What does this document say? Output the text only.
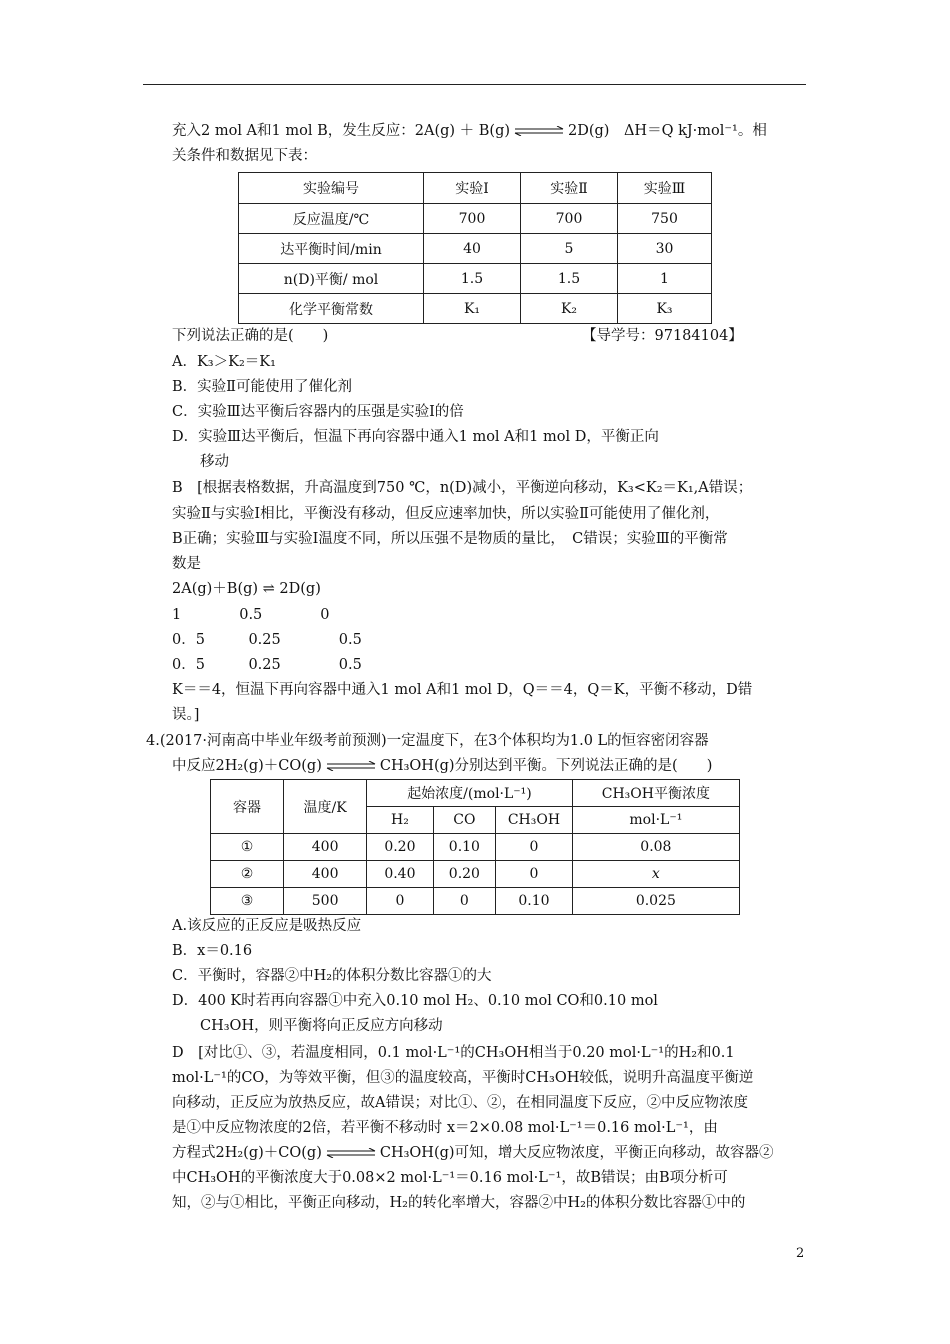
充入2 mol A和1 mol B，发生反应：2A(g) ＋ B(g) ⇌ 2D(g)　ΔH＝Q kJ·mol⁻¹。相
关条件和数据见下表：
实验编号	实验Ⅰ	实验Ⅱ	实验Ⅲ
反应温度/℃	700	700	750
达平衡时间/min	40	5	30
n(D)平衡/ mol	1.5	1.5	1
化学平衡常数	K₁	K₂	K₃
下列说法正确的是(　　)	【导学号：97184104】
A．K₃＞K₂＝K₁
B．实验Ⅱ可能使用了催化剂
C．实验Ⅲ达平衡后容器内的压强是实验Ⅰ的倍
D．实验Ⅲ达平衡后，恒温下再向容器中通入1 mol A和1 mol D，平衡正向
移动
B　[根据表格数据，升高温度到750 ℃，n(D)减小，平衡逆向移动，K₃<K₂＝K₁,A错误；
实验Ⅱ与实验Ⅰ相比，平衡没有移动，但反应速率加快，所以实验Ⅱ可能使用了催化剂，
B正确；实验Ⅲ与实验Ⅰ温度不同，所以压强不是物质的量比，　C错误；实验Ⅲ的平衡常
数是
2A(g)＋B(g) ⇌ 2D(g)
1　　　　0.5　　　　0
0．5　　　0.25　　　　0.5
0．5　　　0.25　　　　0.5
K＝＝4，恒温下再向容器中通入1 mol A和1 mol D，Q＝＝4，Q＝K，平衡不移动，D错
误。]
4.(2017·河南高中毕业年级考前预测)一定温度下，在3个体积均为1.0 L的恒容密闭容器
中反应2H₂(g)＋CO(g) ⇌ CH₃OH(g)分别达到平衡。下列说法正确的是(　　)
容器	温度/K	起始浓度/(mol·L⁻¹)			CH₃OH平衡浓度
		H₂	CO	CH₃OH	mol·L⁻¹
①	400	0.20	0.10	0	0.08
②	400	0.40	0.20	0	x
③	500	0	0	0.10	0.025
A.该反应的正反应是吸热反应
B．x＝0.16
C．平衡时，容器②中H₂的体积分数比容器①的大
D．400 K时若再向容器①中充入0.10 mol H₂、0.10 mol CO和0.10 mol
CH₃OH，则平衡将向正反应方向移动
D　[对比①、③，若温度相同，0.1 mol·L⁻¹的CH₃OH相当于0.20 mol·L⁻¹的H₂和0.1
mol·L⁻¹的CO，为等效平衡，但③的温度较高，平衡时CH₃OH较低，说明升高温度平衡逆
向移动，正反应为放热反应，故A错误；对比①、②，在相同温度下反应，②中反应物浓度
是①中反应物浓度的2倍，若平衡不移动时 x＝2×0.08 mol·L⁻¹＝0.16 mol·L⁻¹，由
方程式2H₂(g)＋CO(g) ⇌ CH₃OH(g)可知，增大反应物浓度，平衡正向移动，故容器②
中CH₃OH的平衡浓度大于0.08×2 mol·L⁻¹＝0.16 mol·L⁻¹，故B错误；由B项分析可
知，②与①相比，平衡正向移动，H₂的转化率增大，容器②中H₂的体积分数比容器①中的
2
